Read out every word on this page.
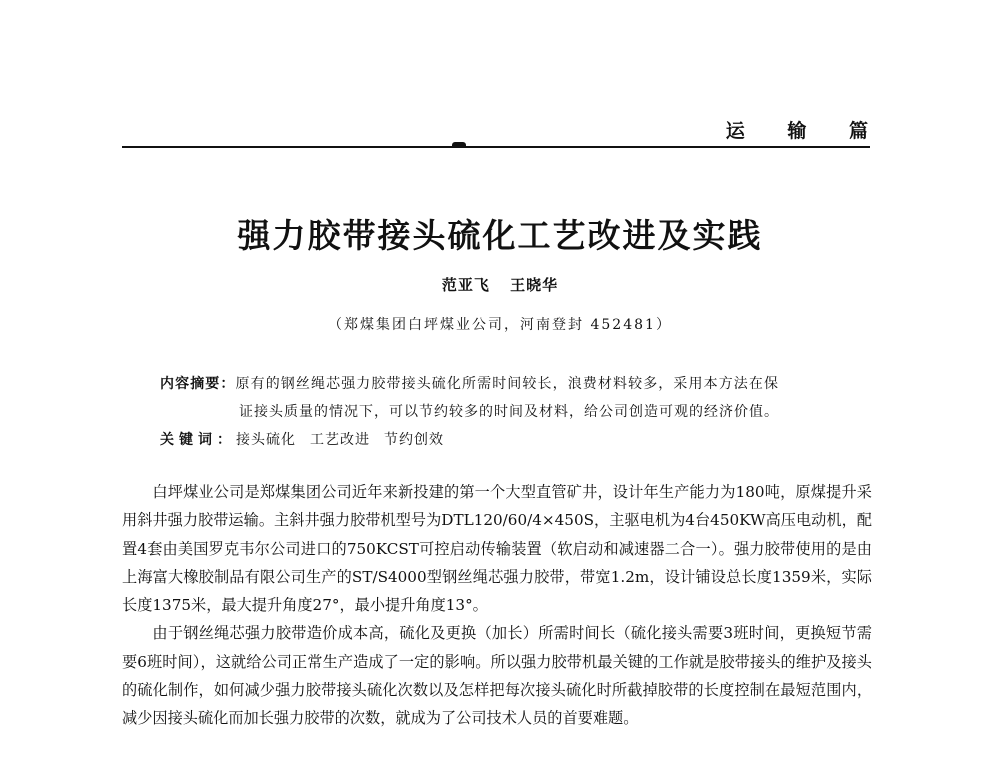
运 输 篇
强力胶带接头硫化工艺改进及实践
范亚飞 王晓华
（郑煤集团白坪煤业公司，河南登封 452481）
内容摘要：原有的钢丝绳芯强力胶带接头硫化所需时间较长，浪费材料较多，采用本方法在保
证接头质量的情况下，可以节约较多的时间及材料，给公司创造可观的经济价值。
关键词：接头硫化 工艺改进 节约创效

白坪煤业公司是郑煤集团公司近年来新投建的第一个大型直管矿井，设计年生产能力为180吨，原煤提升采用斜井强力胶带运输。主斜井强力胶带机型号为DTL120/60/4×450S，主驱电机为4台450KW高压电动机，配置4套由美国罗克韦尔公司进口的750KCST可控启动传输装置（软启动和减速器二合一）。强力胶带使用的是由上海富大橡胶制品有限公司生产的ST/S4000型钢丝绳芯强力胶带，带宽1.2m，设计铺设总长度1359米，实际长度1375米，最大提升角度27°，最小提升角度13°。

由于钢丝绳芯强力胶带造价成本高，硫化及更换（加长）所需时间长（硫化接头需要3班时间，更换短节需要6班时间），这就给公司正常生产造成了一定的影响。所以强力胶带机最关键的工作就是胶带接头的维护及接头的硫化制作，如何减少强力胶带接头硫化次数以及怎样把每次接头硫化时所截掉胶带的长度控制在最短范围内，减少因接头硫化而加长强力胶带的次数，就成为了公司技术人员的首要难题。
